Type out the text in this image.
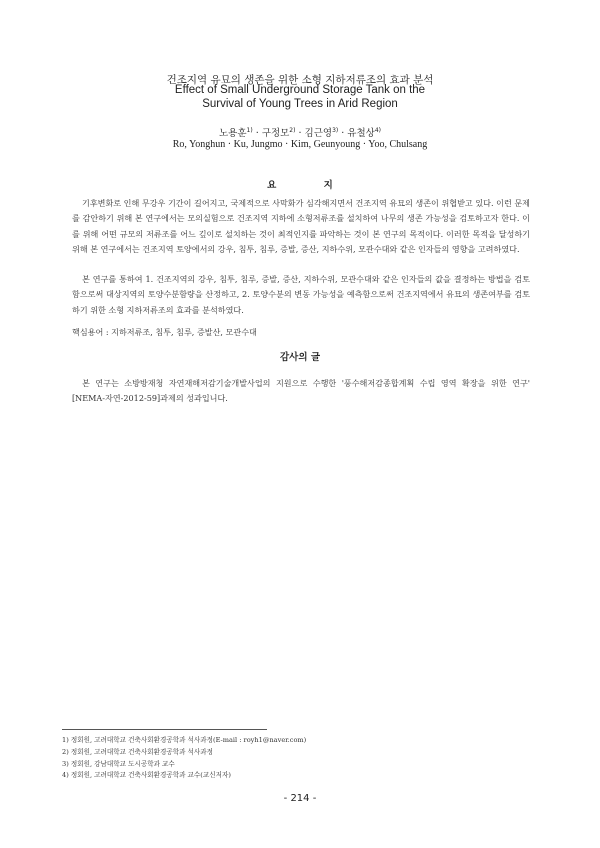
건조지역 유묘의 생존을 위한 소형 지하저류조의 효과 분석
Effect of Small Underground Storage Tank on the
Survival of Young Trees in Arid Region
노용훈$^{1)}$ · 구정모$^{2)}$ · 김근영$^{3)}$ · 유철상$^{4)}$
Ro, Yonghun · Ku, Jungmo · Kim, Geunyoung · Yoo, Chulsang
요 지
기후변화로 인해 무강우 기간이 길어지고, 국제적으로 사막화가 심각해지면서 건조지역 유묘의 생존이 위협받고 있다. 이런 문제를 감안하기 위해 본 연구에서는 모의실험으로 건조지역 지하에 소형저류조를 설치하여 나무의 생존 가능성을 검토하고자 한다. 이를 위해 어떤 규모의 저류조를 어느 깊이로 설치하는 것이 최적인지를 파악하는 것이 본 연구의 목적이다. 이러한 목적을 달성하기 위해 본 연구에서는 건조지역 토양에서의 강우, 침투, 침루, 증발, 증산, 지하수위, 모관수대와 같은 인자들의 영향을 고려하였다.
본 연구를 통하여 1. 건조지역의 강우, 침투, 침루, 증발, 증산, 지하수위, 모관수대와 같은 인자들의 값을 결정하는 방법을 검토함으로써 대상지역의 토양수분함량을 산정하고, 2. 토양수분의 변동 가능성을 예측함으로써 건조지역에서 유묘의 생존여부를 검토하기 위한 소형 지하저류조의 효과를 분석하였다.
핵심용어 : 지하저류조, 침투, 침루, 증발산, 모관수대
감사의 글
본 연구는 소방방재청 자연재해저감기술개발사업의 지원으로 수행한 '풍수해저감종합계획 수립 영역 확장을 위한 연구' [NEMA-자연-2012-59]과제의 성과입니다.
1) 정회원, 고려대학교 건축사회환경공학과 석사과정(E-mail : royh1@naver.com)
2) 정회원, 고려대학교 건축사회환경공학과 석사과정
3) 정회원, 강남대학교 도시공학과 교수
4) 정회원, 고려대학교 건축사회환경공학과 교수(교신저자)
- 214 -
